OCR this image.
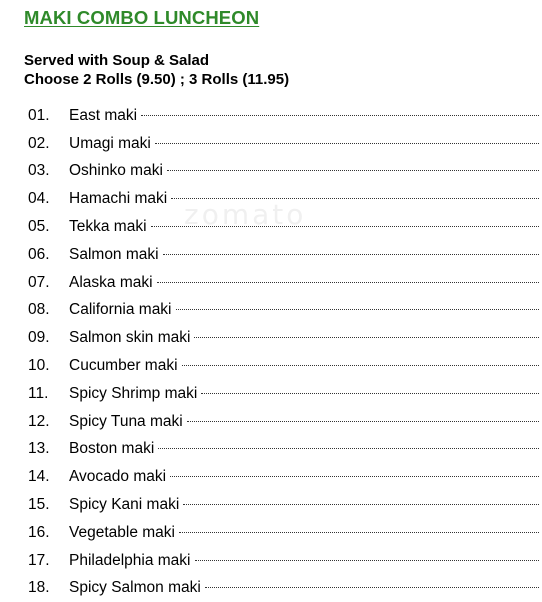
MAKI COMBO LUNCHEON
Served with Soup & Salad
Choose 2 Rolls (9.50) ; 3 Rolls (11.95)
zomato
01.	East maki
02.	Umagi maki
03.	Oshinko maki
04.	Hamachi maki
05.	Tekka maki
06.	Salmon maki
07.	Alaska maki
08.	California maki
09.	Salmon skin maki
10.	Cucumber maki
11.	Spicy Shrimp maki
12.	Spicy Tuna maki
13.	Boston maki
14.	Avocado maki
15.	Spicy Kani maki
16.	Vegetable maki
17.	Philadelphia maki
18.	Spicy Salmon maki
